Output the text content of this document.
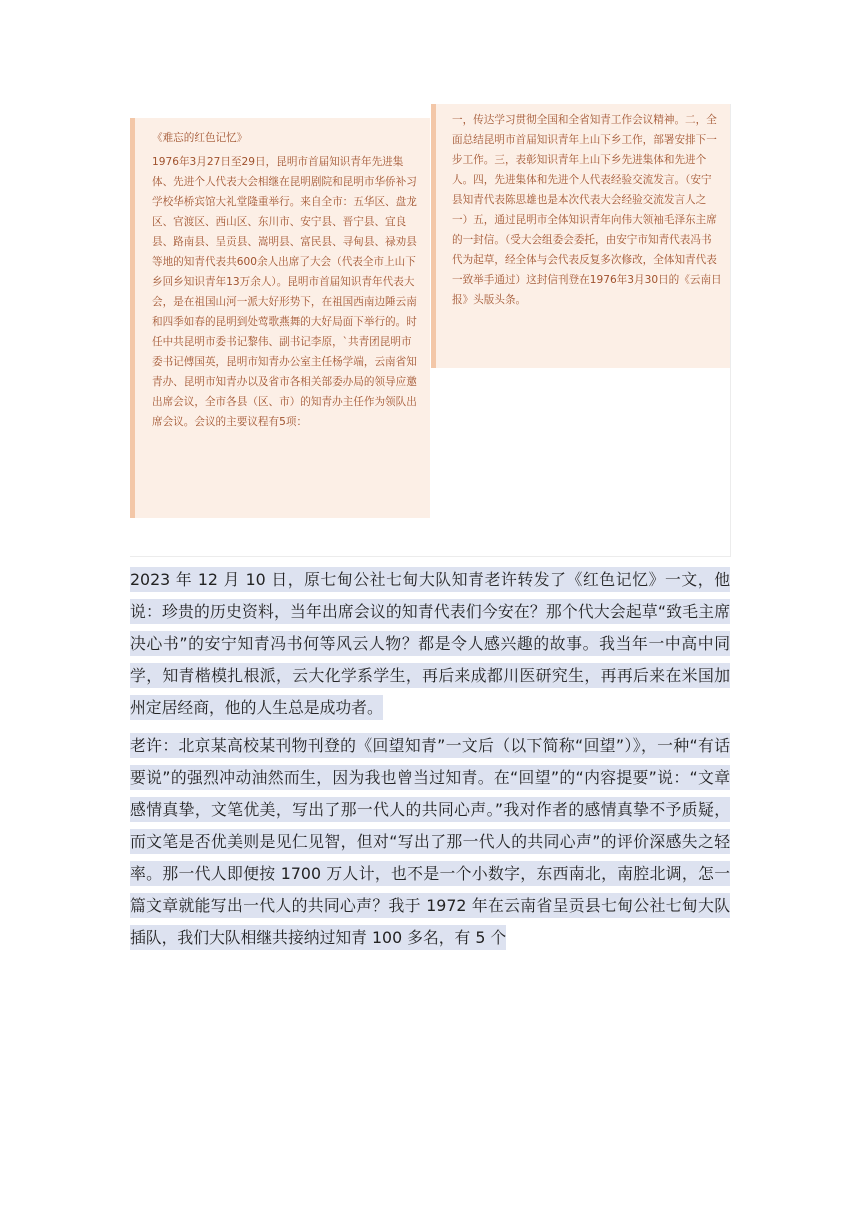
《难忘的红色记忆》
1976年3月27日至29日，昆明市首届知识青年先进集体、先进个人代表大会相继在昆明剧院和昆明市华侨补习学校华桥宾馆大礼堂隆重举行。来自全市：五华区、盘龙区、官渡区、西山区、东川市、安宁县、晋宁县、宜良县、路南县、呈贡县、嵩明县、富民县、寻甸县、禄劝县等地的知青代表共600余人出席了大会（代表全市上山下乡回乡知识青年13万余人）。昆明市首届知识青年代表大会，是在祖国山河一派大好形势下，在祖国西南边陲云南和四季如春的昆明到处莺歌燕舞的大好局面下举行的。时任中共昆明市委书记黎伟、副书记李原，`共青团昆明市委书记傅国英，昆明市知青办公室主任杨学端，云南省知青办、昆明市知青办以及省市各相关部委办局的领导应邀出席会议，全市各县（区、市）的知青办主任作为领队出席会议。会议的主要议程有5项：
一，传达学习贯彻全国和全省知青工作会议精神。二，全面总结昆明市首届知识青年上山下乡工作，部署安排下一步工作。三，表彰知识青年上山下乡先进集体和先进个人。四，先进集体和先进个人代表经验交流发言。（安宁县知青代表陈思雄也是本次代表大会经验交流发言人之一）五，通过昆明市全体知识青年向伟大领袖毛泽东主席的一封信。（受大会组委会委托，由安宁市知青代表冯书代为起草，经全体与会代表反复多次修改，全体知青代表一致举手通过）这封信刊登在1976年3月30日的《云南日报》头版头条。

2023 年 12 月 10 日，原七甸公社七甸大队知青老许转发了《红色记忆》一文，他说：珍贵的历史资料，当年出席会议的知青代表们今安在？那个代大会起草“致毛主席决心书”的安宁知青冯书何等风云人物？都是令人感兴趣的故事。我当年一中高中同学，知青楷模扎根派，云大化学系学生，再后来成都川医研究生，再再后来在米国加州定居经商，他的人生总是成功者。

老许：北京某高校某刊物刊登的《回望知青”一文后（以下简称“回望”）》，一种“有话要说”的强烈冲动油然而生，因为我也曾当过知青。在“回望”的“内容提要”说：“文章感情真挚，文笔优美，写出了那一代人的共同心声。”我对作者的感情真挚不予质疑，而文笔是否优美则是见仁见智，但对“写出了那一代人的共同心声”的评价深感失之轻率。那一代人即便按 1700 万人计，也不是一个小数字，东西南北，南腔北调，怎一篇文章就能写出一代人的共同心声？我于 1972 年在云南省呈贡县七甸公社七甸大队插队，我们大队相继共接纳过知青 100 多名，有 5 个
